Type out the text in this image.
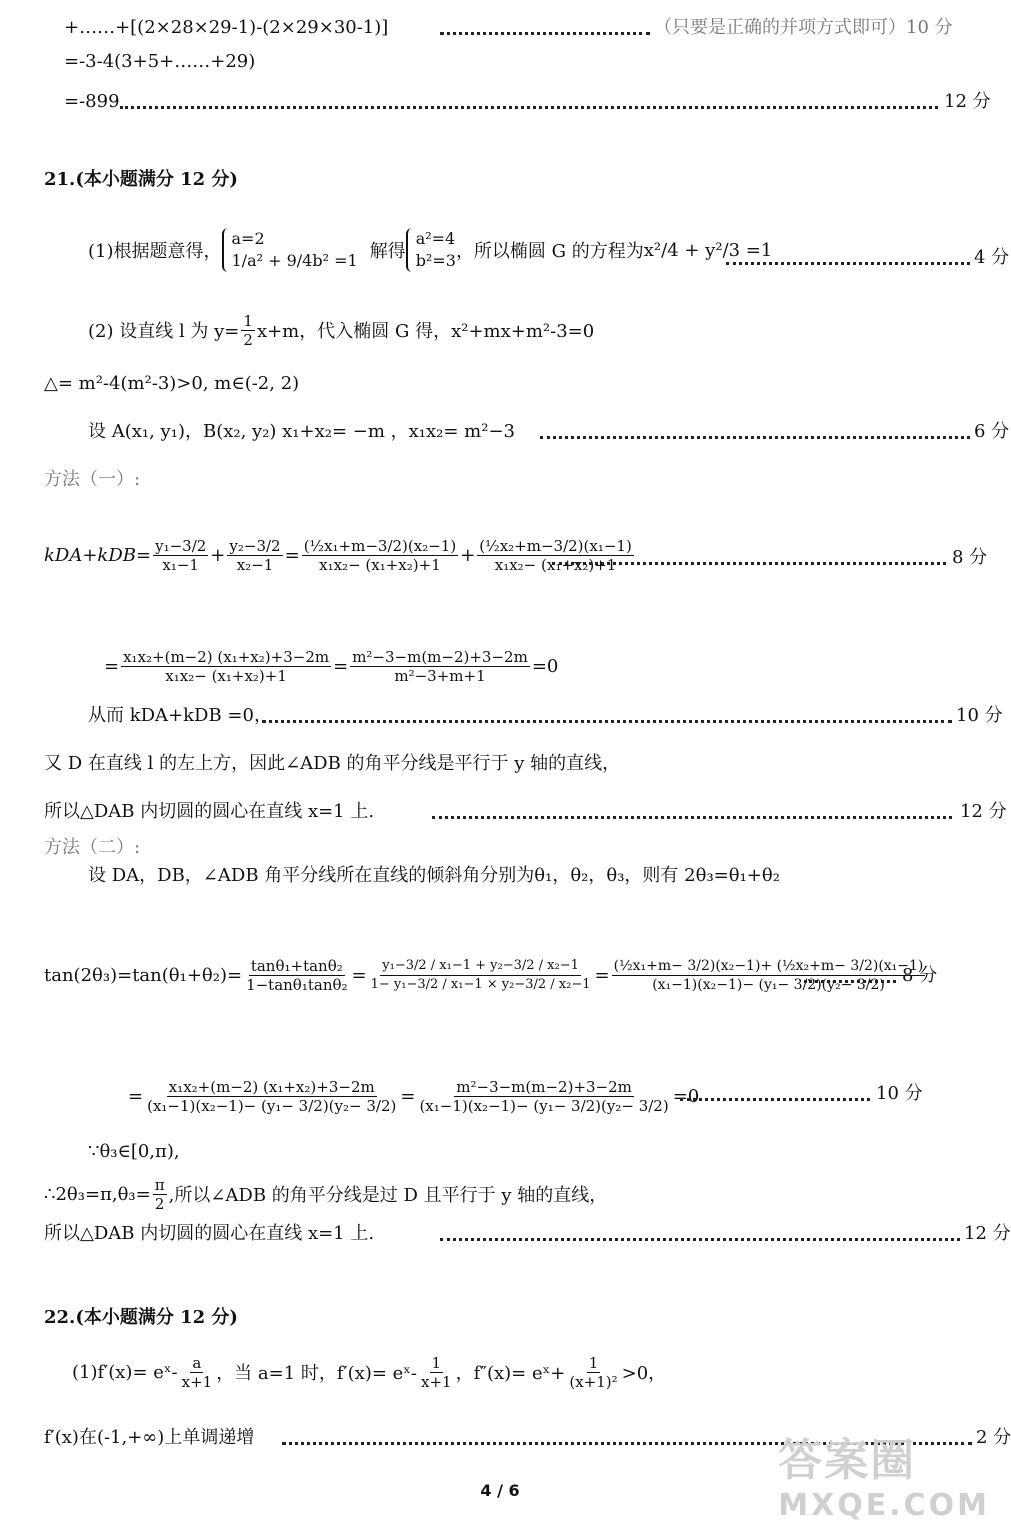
+……+[(2×28×29-1)-(2×29×30-1)]	（只要是正确的并项方式即可）10 分
=-3-4(3+5+……+29)
=-899	12 分
21.(本小题满分 12 分)
(1)根据题意得，
a=2
1/a² + 9/4b² =1 解得
a²=4
b²=3 ，所以椭圆 G 的方程为 x²/4 + y²/3 =1	4 分
(2) 设直线 l 为 $y= \frac{1}{2} x+m$，代入椭圆 G 得，x²+mx+m²-3=0
△= m²-4(m²-3)>0, m∈(-2, 2)
设 A(x₁, y₁)，B(x₂, y₂) x₁+x₂= −m ，x₁x₂= m²−3	6 分
方法（一）:
$kDA+kDB = \frac{\text{y₁−3/2}}{\text{x₁−1}} + \frac{\text{y₂−3/2}}{\text{x₂−1}} = \frac{\text{(½x₁+m−3/2)(x₂−1)}}{\text{x₁x₂− (x₁+x₂)+1}} + \frac{\text{(½x₂+m−3/2)(x₁−1)}}{\text{x₁x₂− (x₁+x₂)+1}}$	8 分
= $\frac{\text{x₁x₂+(m−2) (x₁+x₂)+3−2m}}{\text{x₁x₂− (x₁+x₂)+1}} = \frac{\text{m²−3−m(m−2)+3−2m}}{\text{m²−3+m+1}} =0$
从而 kDA+kDB =0，	10 分
又 D 在直线 l 的左上方，因此∠ADB 的角平分线是平行于 y 轴的直线，
所以△DAB 内切圆的圆心在直线 x=1 上.	12 分
方法（二）:
设 DA，DB，∠ADB 角平分线所在直线的倾斜角分别为θ₁，θ₂，θ₃，则有 2θ₃=θ₁+θ₂
$\tan(2\theta_3)=\tan(\theta_1+\theta_2)= \frac{\text{tanθ₁+tanθ₂}}{\text{1−tanθ₁tanθ₂}} = \frac{\text{y₁−3/2 / x₁−1 + y₂−3/2 / x₂−1}}{\text{1− y₁−3/2 / x₁−1 × y₂−3/2 / x₂−1}} = \frac{\text{(½x₁+m− 3/2)(x₂−1)+ (½x₂+m− 3/2)(x₁−1)}}{\text{(x₁−1)(x₂−1)− (y₁− 3/2)(y₂− 3/2)}}$
8 分
= $\frac{\text{x₁x₂+(m−2) (x₁+x₂)+3−2m}}{\text{(x₁−1)(x₂−1)− (y₁− 3/2)(y₂− 3/2)}} = \frac{\text{m²−3−m(m−2)+3−2m}}{\text{(x₁−1)(x₂−1)− (y₁− 3/2)(y₂− 3/2)}} =0$	10 分
∵θ₃∈[0,π),
∴2θ₃=π,θ₃= $\frac{\pi}{2}$ ,所以∠ADB 的角平分线是过 D 且平行于 y 轴的直线，
所以△DAB 内切圆的圆心在直线 x=1 上.	12 分
22.(本小题满分 12 分)
(1)f′(x)= eˣ- $\frac{a}{x+1}$ ，当 a=1 时，f′(x)= eˣ- $\frac{1}{x+1}$ ，f″(x)= eˣ+ $\frac{1}{\text{(x+1)²}} >0$，
f′(x)在(-1,+∞)上单调递增	2 分
4 / 6
答案圈
MXQE.COM
